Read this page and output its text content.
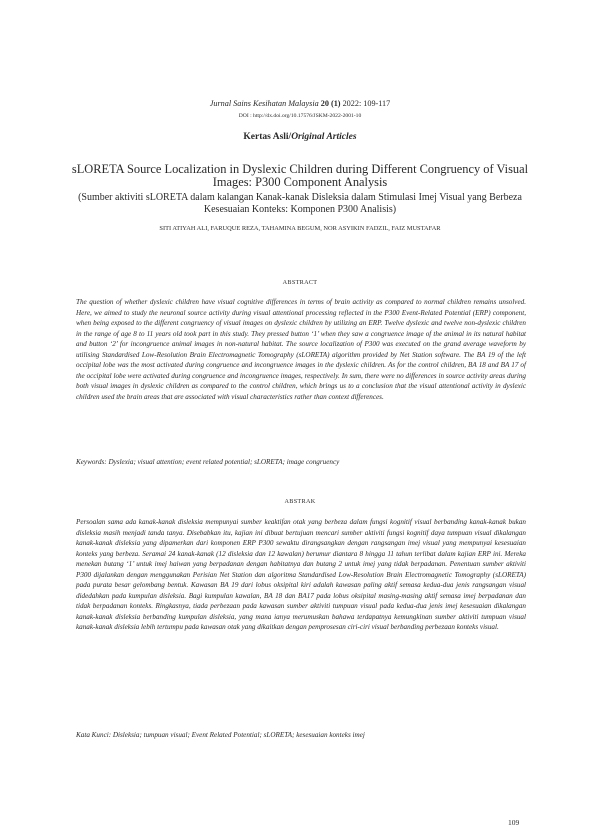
Jurnal Sains Kesihatan Malaysia 20 (1) 2022: 109-117
DOI : http://dx.doi.org/10.17576/JSKM-2022-2001-10
Kertas Asli/Original Articles
sLORETA Source Localization in Dyslexic Children during Different Congruency of Visual Images: P300 Component Analysis
(Sumber aktiviti sLORETA dalam kalangan Kanak-kanak Disleksia dalam Stimulasi Imej Visual yang Berbeza Kesesuaian Konteks: Komponen P300 Analisis)
SITI ATIYAH ALI, FARUQUE REZA, TAHAMINA BEGUM, NOR ASYIKIN FADZIL, FAIZ MUSTAFAR
ABSTRACT
The question of whether dyslexic children have visual cognitive differences in terms of brain activity as compared to normal children remains unsolved. Here, we aimed to study the neuronal source activity during visual attentional processing reflected in the P300 Event-Related Potential (ERP) component, when being exposed to the different congruency of visual images on dyslexic children by utilizing an ERP. Twelve dyslexic and twelve non-dyslexic children in the range of age 8 to 11 years old took part in this study. They pressed button ‘1’ when they saw a congruence image of the animal in its natural habitat and button ‘2’ for incongruence animal images in non-natural habitat. The source localization of P300 was executed on the grand average waveform by utilising Standardised Low-Resolution Brain Electromagnetic Tomography (sLORETA) algorithm provided by Net Station software. The BA 19 of the left occipital lobe was the most activated during congruence and incongruence images in the dyslexic children. As for the control children, BA 18 and BA 17 of the occipital lobe were activated during congruence and incongruence images, respectively. In sum, there were no differences in source activity areas during both visual images in dyslexic children as compared to the control children, which brings us to a conclusion that the visual attentional activity in dyslexic children used the brain areas that are associated with visual characteristics rather than context differences.
Keywords: Dyslexia; visual attention; event related potential; sLORETA; image congruency
ABSTRAK
Persoalan sama ada kanak-kanak disleksia mempunyai sumber keaktifan otak yang berbeza dalam fungsi kognitif visual berbanding kanak-kanak bukan disleksia masih menjadi tanda tanya. Disebabkan itu, kajian ini dibuat bertujuan mencari sumber aktiviti fungsi kognitif daya tumpuan visual dikalangan kanak-kanak disleksia yang dipamerkan dari komponen ERP P300 sewaktu dirangsangkan dengan rangsangan imej visual yang mempunyai kesesuaian konteks yang berbeza. Seramai 24 kanak-kanak (12 disleksia dan 12 kawalan) berumur diantara 8 hingga 11 tahun terlibat dalam kajian ERP ini. Mereka menekan butang ‘1’ untuk imej haiwan yang berpadanan dengan habitatnya dan butang 2 untuk imej yang tidak berpadanan. Penentuan sumber aktiviti P300 dijalankan dengan menggunakan Perisian Net Station dan algoritma Standardised Low-Resolution Brain Electromagnetic Tomography (sLORETA) pada purata besar gelombang bentuk. Kawasan BA 19 dari lobus oksipital kiri adalah kawasan paling aktif semasa kedua-dua jenis rangsangan visual didedahkan pada kumpulan disleksia. Bagi kumpulan kawalan, BA 18 dan BA17 pada lobus oksipital masing-masing aktif semasa imej berpadanan dan tidak berpadanan konteks. Ringkasnya, tiada perbezaan pada kawasan sumber aktiviti tumpuan visual pada kedua-dua jenis imej kesesuaian dikalangan kanak-kanak disleksia berbanding kumpulan disleksia, yang mana ianya merumuskan bahawa terdapatnya kemungkinan sumber aktiviti tumpuan visual kanak-kanak disleksia lebih tertumpu pada kawasan otak yang dikaitkan dengan pemprosesan ciri-ciri visual berbanding perbezaan konteks visual.
Kata Kunci: Disleksia; tumpuan visual; Event Related Potential; sLORETA; kesesuaian konteks imej
109
